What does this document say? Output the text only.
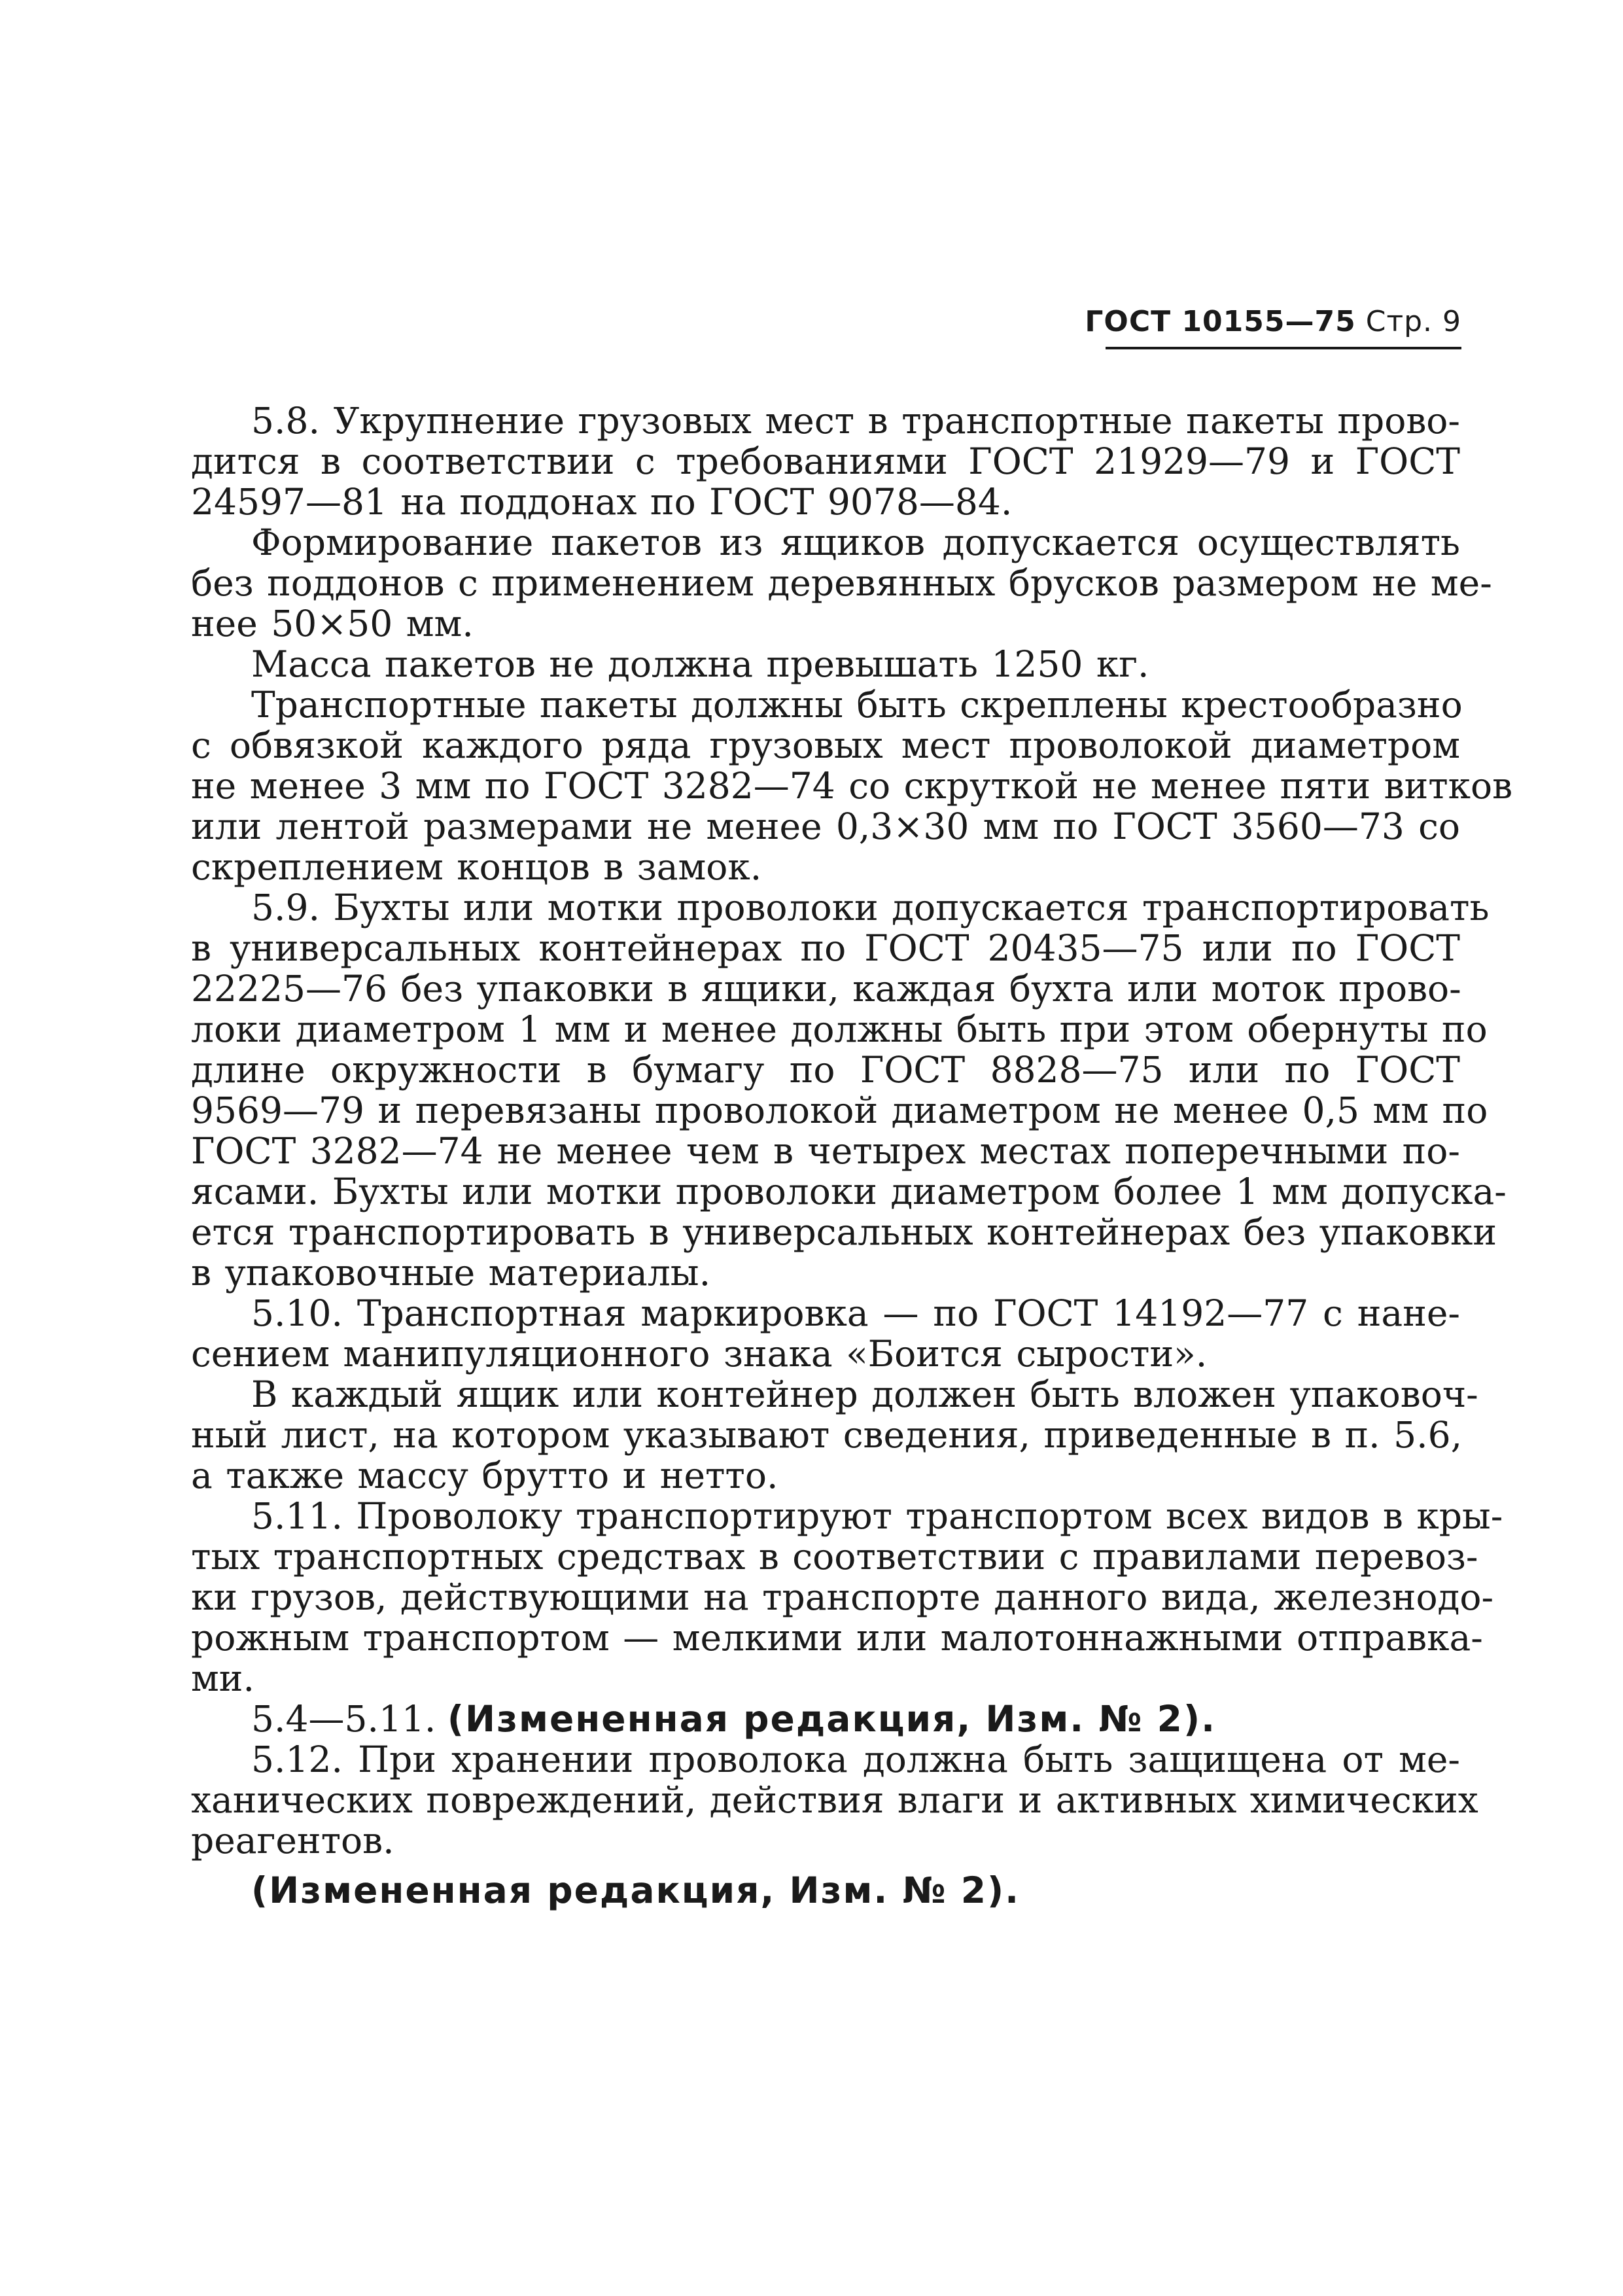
ГОСТ 10155—75 Стр. 9

5.8. Укрупнение грузовых мест в транспортные пакеты прово-
дится в соответствии с требованиями ГОСТ 21929—79 и ГОСТ
24597—81 на поддонах по ГОСТ 9078—84.

Формирование пакетов из ящиков допускается осуществлять
без поддонов с применением деревянных брусков размером не ме-
нее 50×50 мм.

Масса пакетов не должна превышать 1250 кг.

Транспортные пакеты должны быть скреплены крестообразно
с обвязкой каждого ряда грузовых мест проволокой диаметром
не менее 3 мм по ГОСТ 3282—74 со скруткой не менее пяти витков
или лентой размерами не менее 0,3×30 мм по ГОСТ 3560—73 со
скреплением концов в замок.

5.9. Бухты или мотки проволоки допускается транспортировать
в универсальных контейнерах по ГОСТ 20435—75 или по ГОСТ
22225—76 без упаковки в ящики, каждая бухта или моток прово-
локи диаметром 1 мм и менее должны быть при этом обернуты по
длине окружности в бумагу по ГОСТ 8828—75 или по ГОСТ
9569—79 и перевязаны проволокой диаметром не менее 0,5 мм по
ГОСТ 3282—74 не менее чем в четырех местах поперечными по-
ясами. Бухты или мотки проволоки диаметром более 1 мм допуска-
ется транспортировать в универсальных контейнерах без упаковки
в упаковочные материалы.

5.10. Транспортная маркировка — по ГОСТ 14192—77 с нане-
сением манипуляционного знака «Боится сырости».

В каждый ящик или контейнер должен быть вложен упаковоч-
ный лист, на котором указывают сведения, приведенные в п. 5.6,
а также массу брутто и нетто.

5.11. Проволоку транспортируют транспортом всех видов в кры-
тых транспортных средствах в соответствии с правилами перевоз-
ки грузов, действующими на транспорте данного вида, железнодо-
рожным транспортом — мелкими или малотоннажными отправка-
ми.

5.4—5.11. (Измененная редакция, Изм. № 2).

5.12. При хранении проволока должна быть защищена от ме-
ханических повреждений, действия влаги и активных химических
реагентов.

(Измененная редакция, Изм. № 2).
